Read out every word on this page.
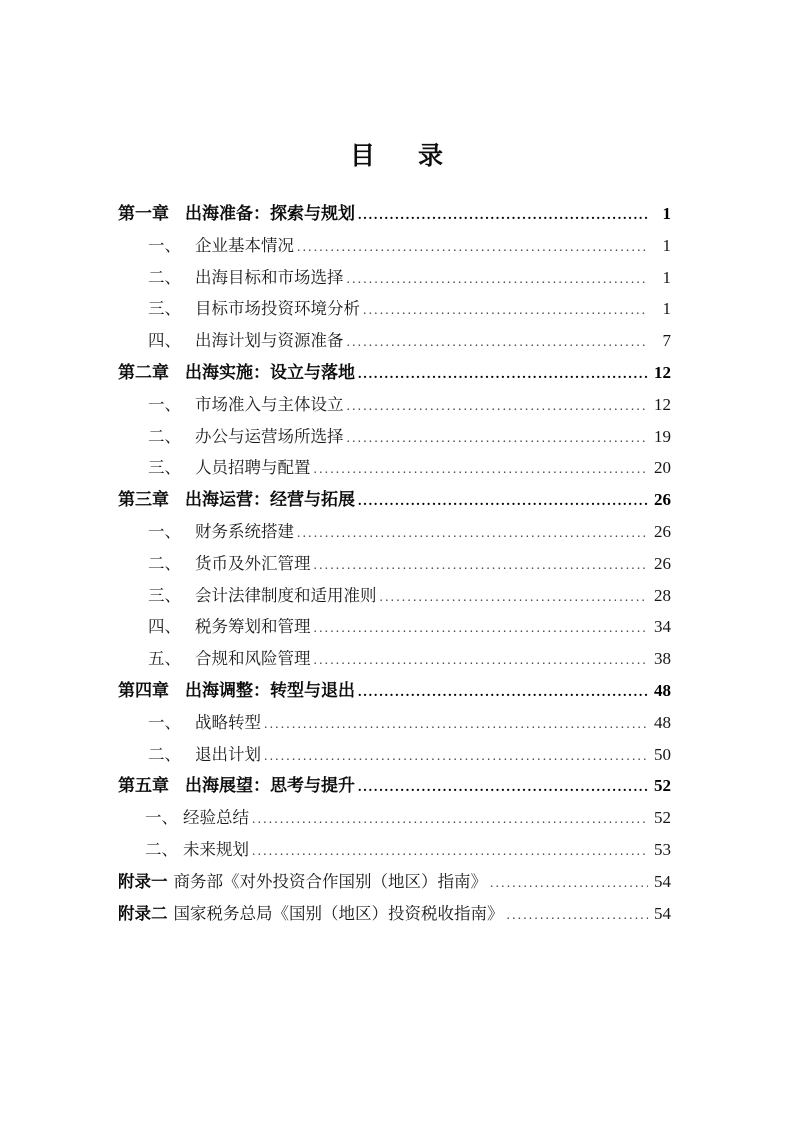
目　录
第一章 出海准备：探索与规划 .....	1
一、 企业基本情况 .....	1
二、 出海目标和市场选择 .....	1
三、 目标市场投资环境分析 .....	1
四、 出海计划与资源准备 .....	7
第二章 出海实施：设立与落地 .....	12
一、 市场准入与主体设立 .....	12
二、 办公与运营场所选择 .....	19
三、 人员招聘与配置 .....	20
第三章 出海运营：经营与拓展 .....	26
一、 财务系统搭建 .....	26
二、 货币及外汇管理 .....	26
三、 会计法律制度和适用准则 .....	28
四、 税务筹划和管理 .....	34
五、 合规和风险管理 .....	38
第四章 出海调整：转型与退出 .....	48
一、 战略转型 .....	48
二、 退出计划 .....	50
第五章 出海展望：思考与提升 .....	52
一、 经验总结 .....	52
二、 未来规划 .....	53
附录一 商务部《对外投资合作国别（地区）指南》 .....	54
附录二 国家税务总局《国别（地区）投资税收指南》 .....	54
